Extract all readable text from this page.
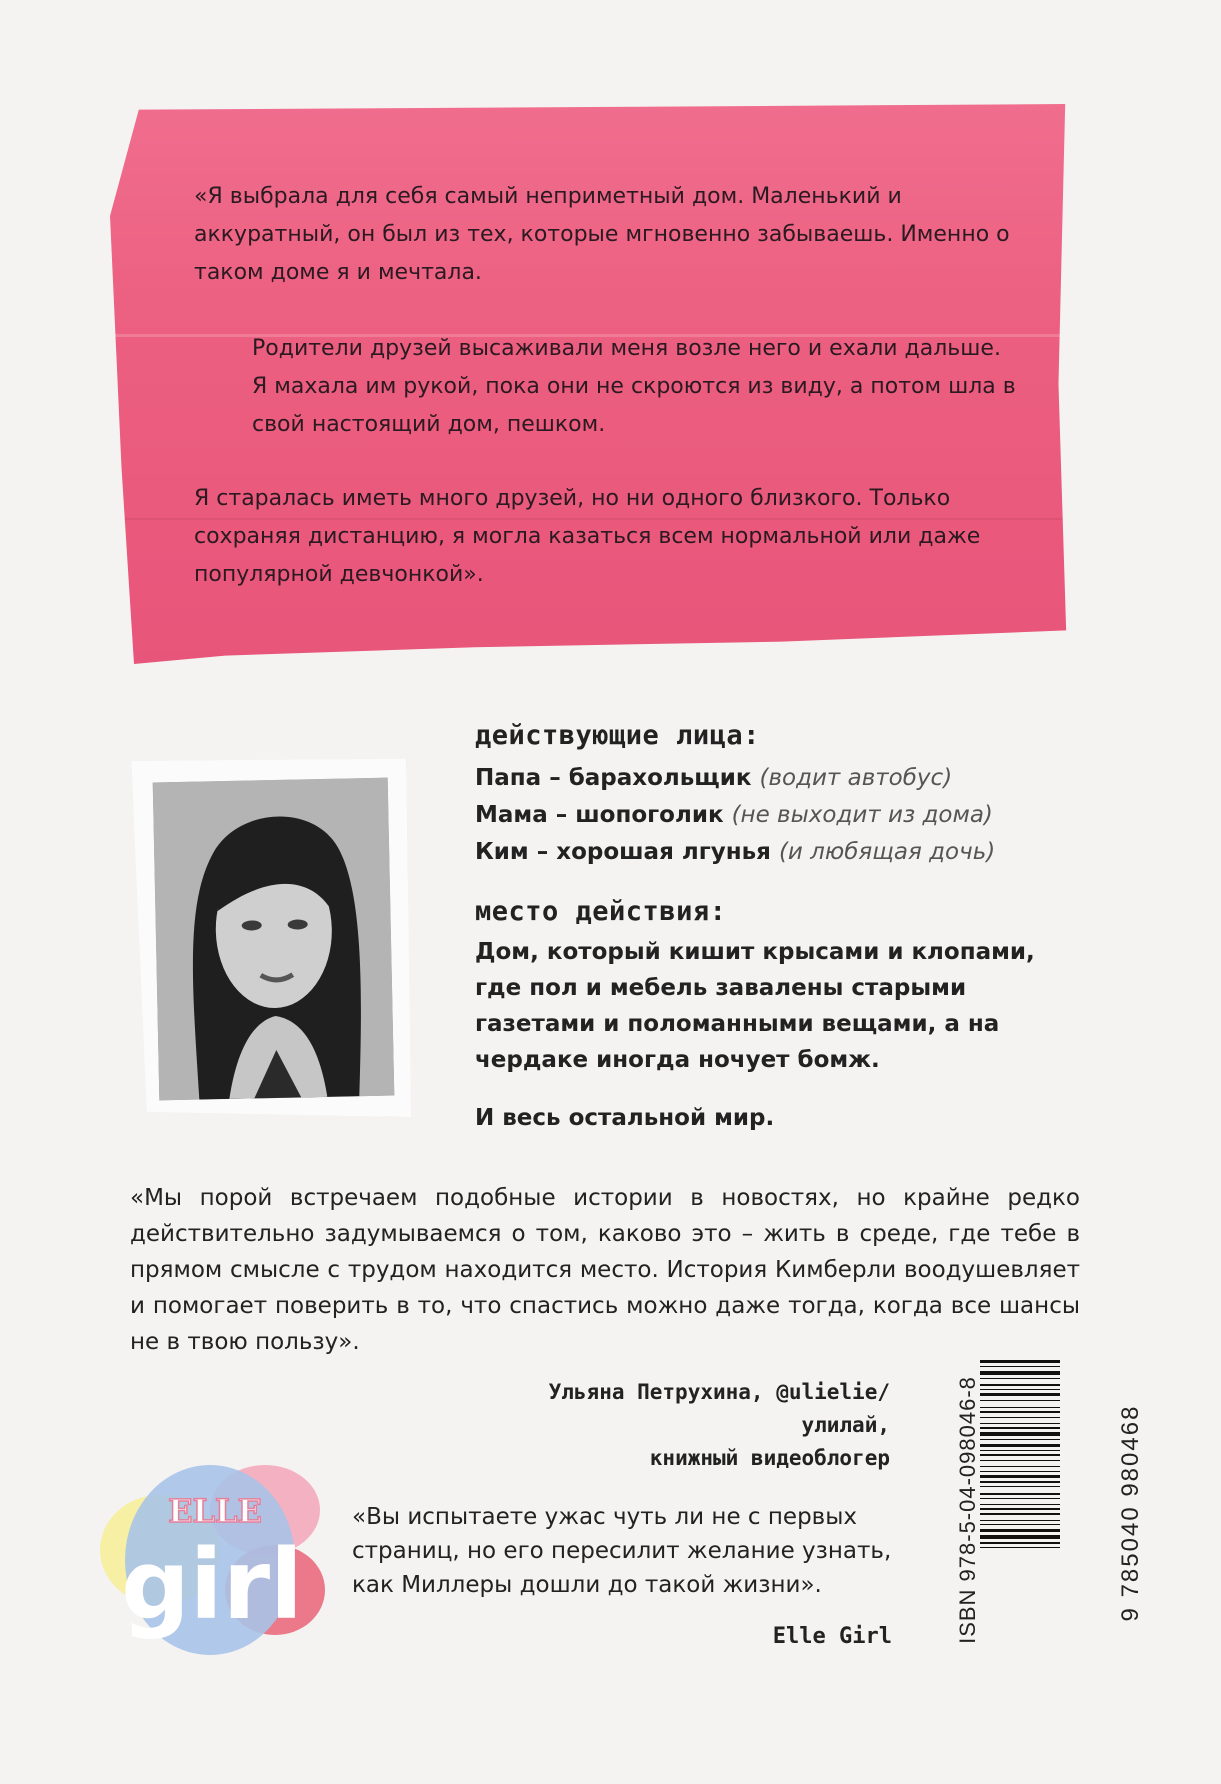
«Я выбрала для себя самый неприметный дом. Маленький и аккуратный, он был из тех, которые мгновенно забываешь. Именно о таком доме я и мечтала.

Родители друзей высаживали меня возле него и ехали дальше. Я махала им рукой, пока они не скроются из виду, а потом шла в свой настоящий дом, пешком.

Я старалась иметь много друзей, но ни одного близкого. Только сохраняя дистанцию, я могла казаться всем нормальной или даже популярной девчонкой».

действующие лица:
Папа – барахольщик (водит автобус)
Мама – шопоголик (не выходит из дома)
Ким – хорошая лгунья (и любящая дочь)
место действия:

Дом, который кишит крысами и клопами, где пол и мебель завалены старыми газетами и поломанными вещами, а на чердаке иногда ночует бомж.

И весь остальной мир.

«Мы порой встречаем подобные истории в новостях, но крайне редко действительно задумываемся о том, каково это – жить в среде, где тебе в прямом смысле с трудом находится место. История Кимберли воодушевляет и помогает поверить в то, что спастись можно даже тогда, когда все шансы не в твою пользу».

Ульяна Петрухина, @ulielie/улилай,
книжный видеоблогер
ELLE
girl

«Вы испытаете ужас чуть ли не с первых страниц, но его пересилит желание узнать, как Миллеры дошли до такой жизни».

Elle Girl	ISBN 978-5-04-098046-8	9 785040 980468
